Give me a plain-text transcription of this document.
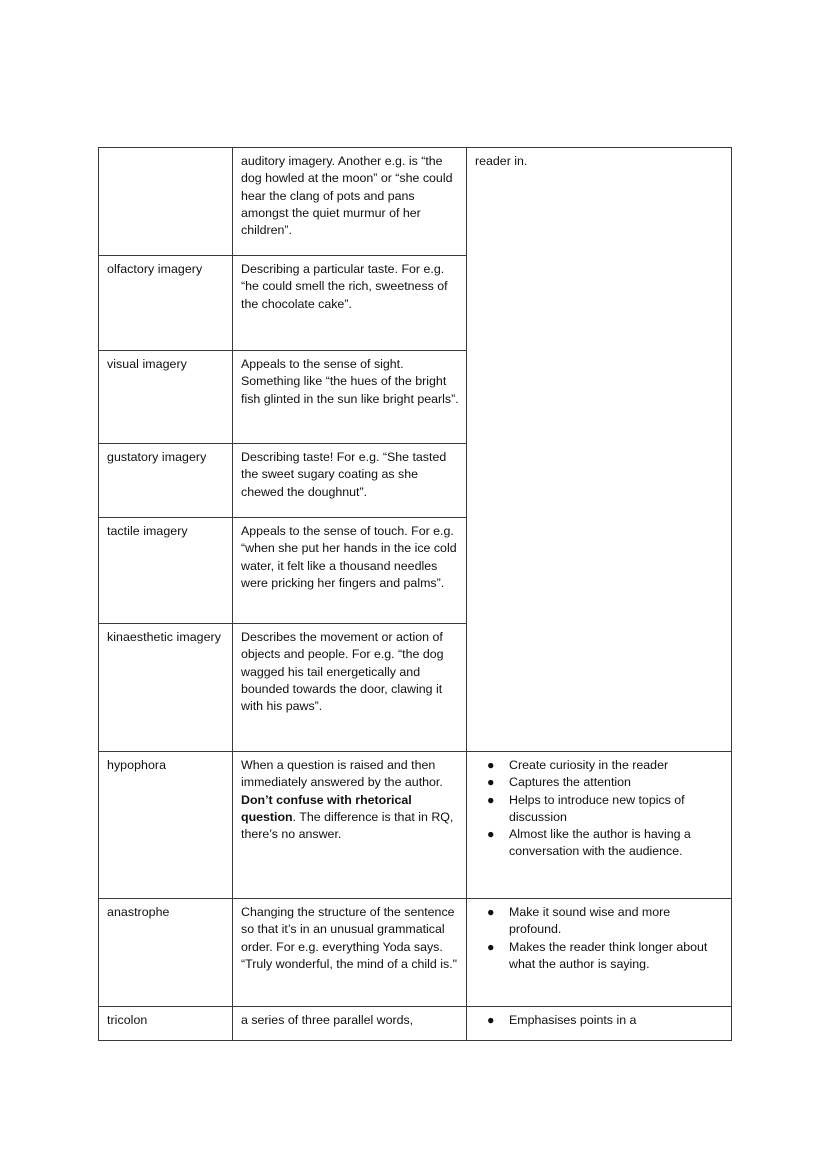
	auditory imagery. Another e.g. is “the dog howled at the moon” or “she could hear the clang of pots and pans amongst the quiet murmur of her children”.	reader in.

olfactory imagery	Describing a particular taste. For e.g. “he could smell the rich, sweetness of the chocolate cake”.	
visual imagery	Appeals to the sense of sight. Something like “the hues of the bright fish glinted in the sun like bright pearls”.	
gustatory imagery	Describing taste! For e.g. “She tasted the sweet sugary coating as she chewed the doughnut”.	
tactile imagery	Appeals to the sense of touch. For e.g. “when she put her hands in the ice cold water, it felt like a thousand needles were pricking her fingers and palms”.	
kinaesthetic imagery	Describes the movement or action of objects and people. For e.g. “the dog wagged his tail energetically and bounded towards the door, clawing it with his paws”.	
hypophora	When a question is raised and then immediately answered by the author. Don’t confuse with rhetorical question. The difference is that in RQ, there’s no answer.	
● Create curiosity in the reader
● Captures the attention
● Helps to introduce new topics of discussion
● Almost like the author is having a conversation with the audience.

anastrophe	Changing the structure of the sentence so that it’s in an unusual grammatical order. For e.g. everything Yoda says. “Truly wonderful, the mind of a child is."	
● Make it sound wise and more profound.
● Makes the reader think longer about what the author is saying.

tricolon	a series of three parallel words,	● Emphasises points in a
